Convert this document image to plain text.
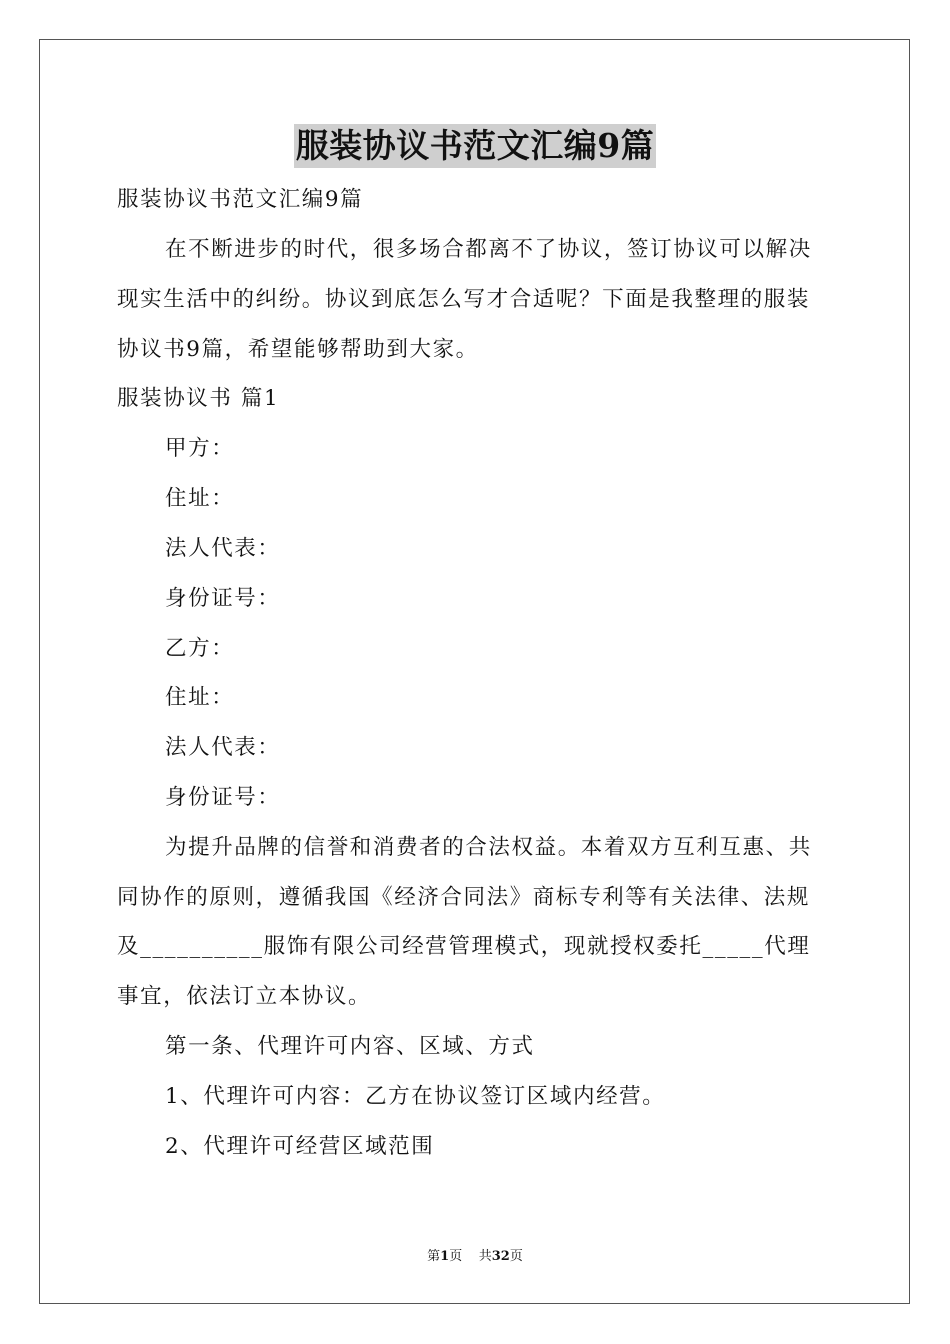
服装协议书范文汇编9篇
服装协议书范文汇编9篇
在不断进步的时代，很多场合都离不了协议，签订协议可以解决
现实生活中的纠纷。协议到底怎么写才合适呢？下面是我整理的服装
协议书9篇，希望能够帮助到大家。
服装协议书 篇1
甲方：
住址：
法人代表：
身份证号：
乙方：
住址：
法人代表：
身份证号：
为提升品牌的信誉和消费者的合法权益。本着双方互利互惠、共
同协作的原则，遵循我国《经济合同法》商标专利等有关法律、法规
及__________服饰有限公司经营管理模式，现就授权委托_____代理
事宜，依法订立本协议。
第一条、代理许可内容、区域、方式
1、代理许可内容：乙方在协议签订区域内经营。
2、代理许可经营区域范围
第1页 共32页
